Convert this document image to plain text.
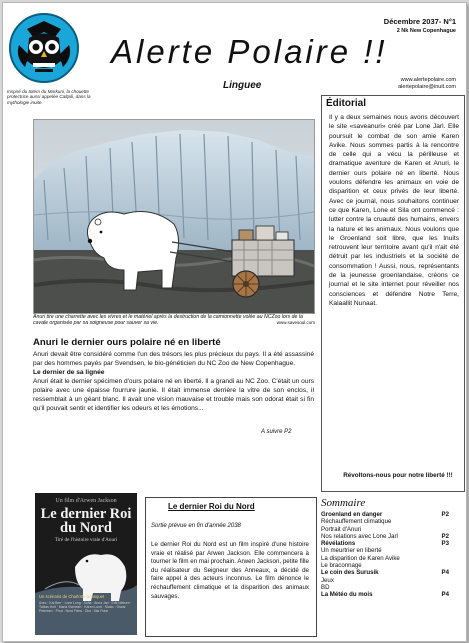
Inspiré du totem du Markuni, la chouette protectrice aussi appelée Caltpili, dans la mythologie inuite.
Alerte Polaire !!
Linguee
Décembre 2037- N°1
2 Nk New Copenhague
www.alertepolaire.com
alertepolaire@inuit.com
Anuri tire une charrette avec les vivres et le matériel après la destruction de la camionnette volée au NCZoo lors de la cavale organisée par sa soigneuse pour sauver sa vie.	www.savesoul.com
Anuri le dernier ours polaire né en liberté

Anuri devait être considéré comme l'un des trésors les plus précieux du pays. Il a été assassiné par des hommes payés par Svendsen, le bio-généticien du NC Zoo de New Copenhague.

Le dernier de sa lignée

Anuri était le dernier spécimen d'ours polaire né en liberté. Il a grandi au NC Zoo. C'était un ours polaire avec une épaisse fourrure jaunie. Il était immense derrière la vitre de son enclos, il ressemblait à un géant blanc. Il avait une vision mauvaise et trouble mais son odorat était si fin qu'il pouvait sentir et identifier les odeurs et les émotions...

A suivre P2
Éditorial
Il y a deux semaines nous avons découvert le site «saveanuri» créé par Lone Jarl. Elle poursuit le combat de son amie Karen Avike. Nous sommes partis à la rencontre de celle qui a vécu la périlleuse et dramatique aventure de Karen et Anuri, le dernier ours polaire né en liberté. Nous voulons défendre les animaux en voie de disparition et ceux privés de leur liberté. Avec ce journal, nous souhaitons continuer ce que Karen, Lone et Sila ont commencé : lutter contre la cruauté des humains, envers la nature et les animaux. Nous voulons que le Groenland soit libre, que les Inuits retrouvent leur territoire avant qu'il n'ait été détruit par les industriels et la société de consommation ! Aussi, nous, représentants de la jeunesse groenlandaise, créons ce journal et le site internet pour réveiller nos consciences et défendre Notre Terre, Kalaallit Nunaat.
Révoltons-nous pour notre liberté !!!
Un film d'Arwen Jackson
Le dernier Roi du Nord
Tiré de l'histoire vraie d'Anuri
Un scénario de Charlotte Bousquet
Avec : Kai Berr · Lone Long · Sofia · Anna Jarl · Erik Nielsen · Tobias Holt · Maria Svensen · Karen Lund · Music : Oscar Petersen · Prod : Nord Films · Dist : Sila Polar
Le dernier Roi du Nord
Sortie prévue en fin d'année 2038
Le dernier Roi du Nord est un film inspiré d'une histoire vraie et réalisé par Arwen Jackson. Elle commencera à tourner le film en mai prochain. Arwen Jackson, petite fille du réalisateur du Seigneur des Anneaux, a décidé de faire appel à des acteurs inconnus. Le film dénonce le réchauffement climatique et la disparition des animaux sauvages.
Sommaire
Groenland en danger	P2
Réchauffement climatique
Portrait d'Anuri
Nos relations avec Lone Jarl	P2
Révélations	P3
Un meurtrier en liberté
La disparition de Karen Avike
Le braconnage
Le coin des Surusik	P4
Jeux
BD
La Météo du mois	P4
